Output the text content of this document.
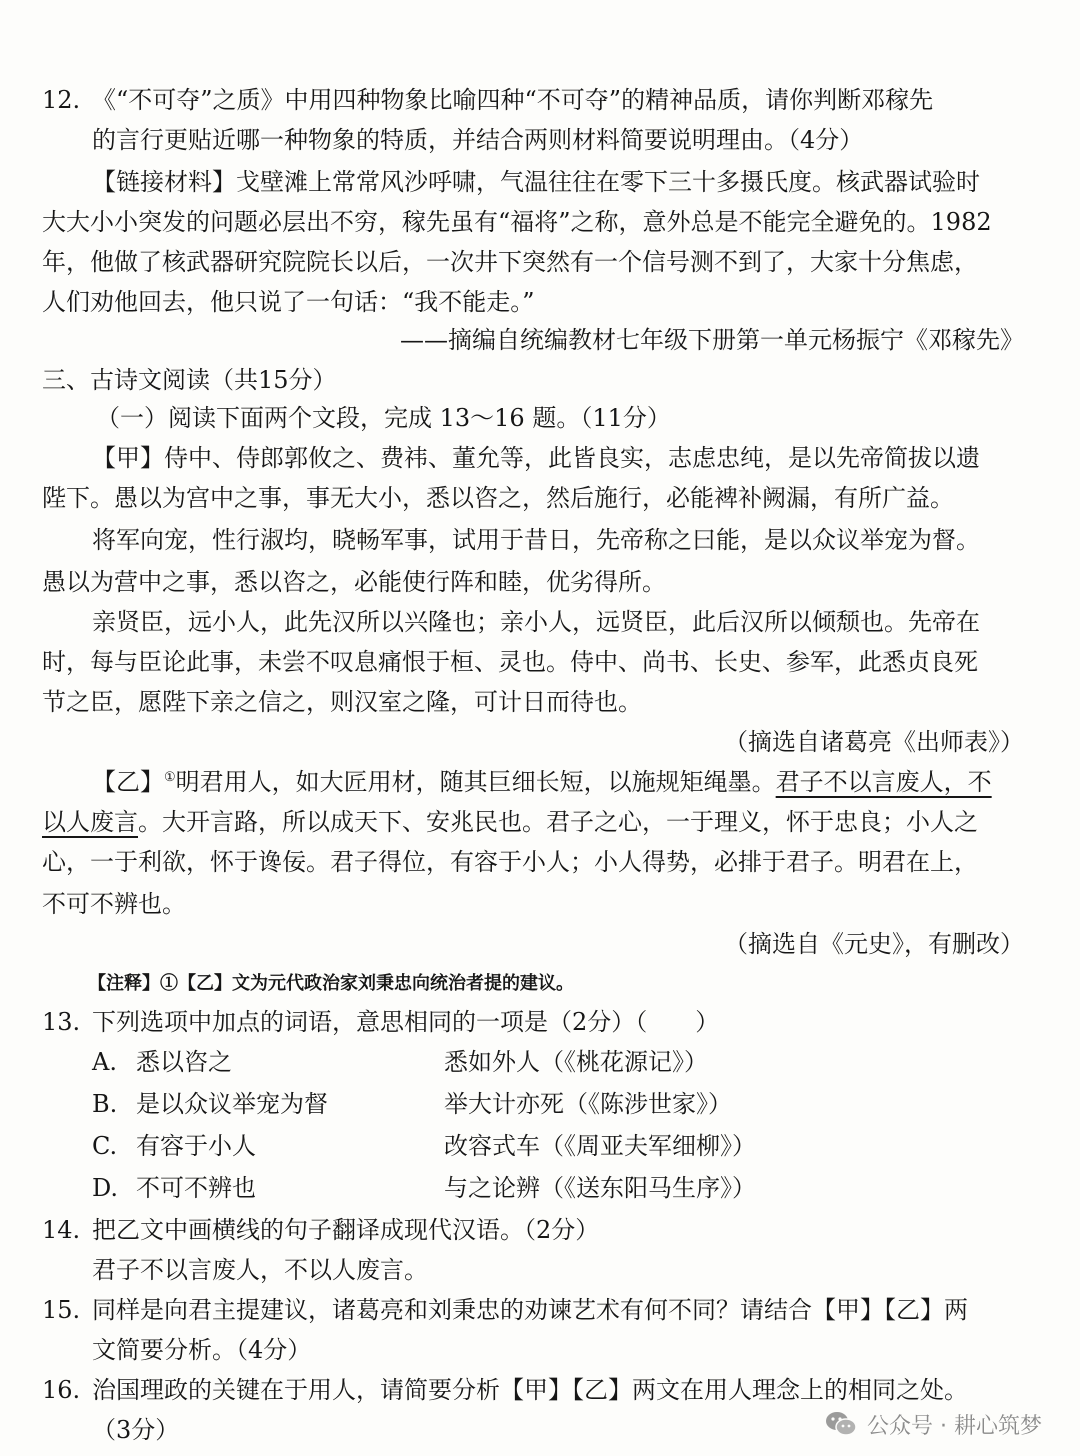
12. 《“不可夺”之质》中用四种物象比喻四种“不可夺”的精神品质，请你判断邓稼先
的言行更贴近哪一种物象的特质，并结合两则材料简要说明理由。（4分）
【链接材料】戈壁滩上常常风沙呼啸，气温往往在零下三十多摄氏度。核武器试验时
大大小小突发的问题必层出不穷，稼先虽有“福将”之称，意外总是不能完全避免的。1982
年，他做了核武器研究院院长以后，一次井下突然有一个信号测不到了，大家十分焦虑，
人们劝他回去，他只说了一句话：“我不能走。”
——摘编自统编教材七年级下册第一单元杨振宁《邓稼先》
三、古诗文阅读（共15分）
（一）阅读下面两个文段，完成 13～16 题。（11分）
【甲】侍中、侍郎郭攸之、费祎、董允等，此皆良实，志虑忠纯，是以先帝简拔以遗
陛下。愚以为宫中之事，事无大小，悉以咨之，然后施行，必能裨补阙漏，有所广益。
将军向宠，性行淑均，晓畅军事，试用于昔日，先帝称之曰能，是以众议举宠为督。
愚以为营中之事，悉以咨之，必能使行阵和睦，优劣得所。
亲贤臣，远小人，此先汉所以兴隆也；亲小人，远贤臣，此后汉所以倾颓也。先帝在
时，每与臣论此事，未尝不叹息痛恨于桓、灵也。侍中、尚书、长史、参军，此悉贞良死
节之臣，愿陛下亲之信之，则汉室之隆，可计日而待也。
（摘选自诸葛亮《出师表》）
【乙】①明君用人，如大匠用材，随其巨细长短，以施规矩绳墨。君子不以言废人，不
以人废言。大开言路，所以成天下、安兆民也。君子之心，一于理义，怀于忠良；小人之
心，一于利欲，怀于谗佞。君子得位，有容于小人；小人得势，必排于君子。明君在上，
不可不辨也。
（摘选自《元史》，有删改）
【注释】①【乙】文为元代政治家刘秉忠向统治者提的建议。
13. 下列选项中加点的词语，意思相同的一项是（2分）（　　）
A. 悉以咨之	悉如外人（《桃花源记》）
B. 是以众议举宠为督	举大计亦死（《陈涉世家》）
C. 有容于小人	改容式车（《周亚夫军细柳》）
D. 不可不辨也	与之论辨（《送东阳马生序》）
14. 把乙文中画横线的句子翻译成现代汉语。（2分）
君子不以言废人，不以人废言。
15. 同样是向君主提建议，诸葛亮和刘秉忠的劝谏艺术有何不同？请结合【甲】【乙】两
文简要分析。（4分）
16. 治国理政的关键在于用人，请简要分析【甲】【乙】两文在用人理念上的相同之处。
（3分）	公众号 · 耕心筑梦
